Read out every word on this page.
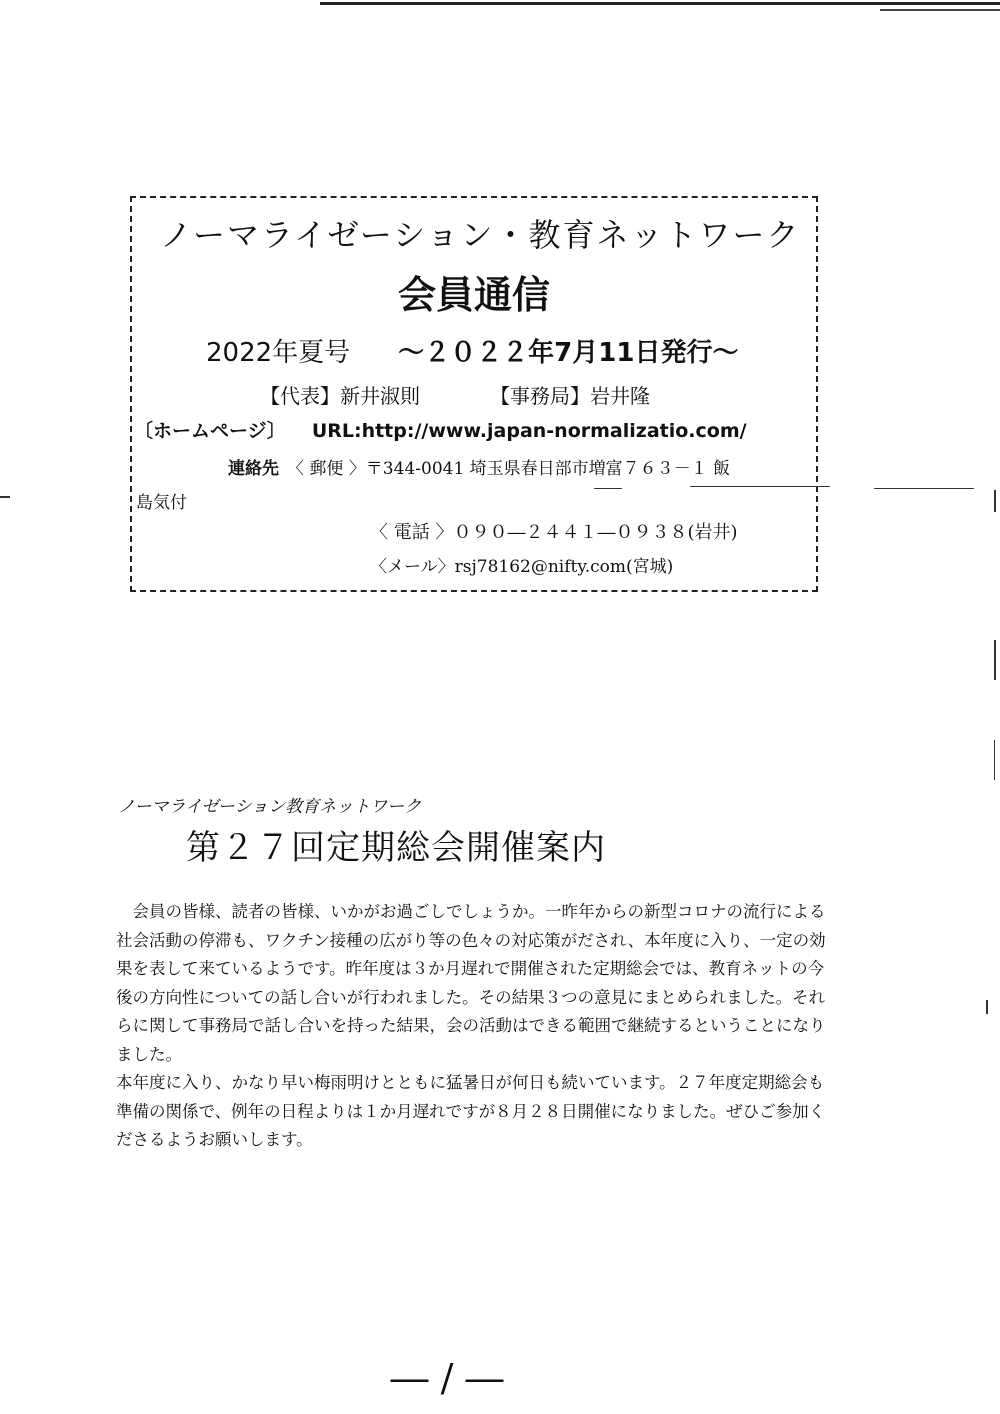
ノーマライゼーション・教育ネットワーク
会員通信
2022年夏号 ～２０２２年7月11日発行～
【代表】新井淑則	【事務局】岩井隆
〔ホームページ〕 URL:http://www.japan-normalizatio.com/
連絡先 〈 郵便 〉〒344-0041 埼玉県春日部市増富７６３－１ 飯
島気付
〈 電話 〉０９０―２４４１―０９３８(岩井)
〈メール〉rsj78162@nifty.com(宮城)
ノーマライゼーション教育ネットワーク
第２７回定期総会開催案内

会員の皆様、読者の皆様、いかがお過ごしでしょうか。一昨年からの新型コロナの流行による社会活動の停滞も、ワクチン接種の広がり等の色々の対応策がだされ、本年度に入り、一定の効果を表して来ているようです。昨年度は３か月遅れで開催された定期総会では、教育ネットの今後の方向性についての話し合いが行われました。その結果３つの意見にまとめられました。それらに関して事務局で話し合いを持った結果，会の活動はできる範囲で継続するということになりました。

本年度に入り、かなり早い梅雨明けとともに猛暑日が何日も続いています。２７年度定期総会も準備の関係で、例年の日程よりは１か月遅れですが８月２８日開催になりました。ぜひご参加くださるようお願いします。

― / ―
